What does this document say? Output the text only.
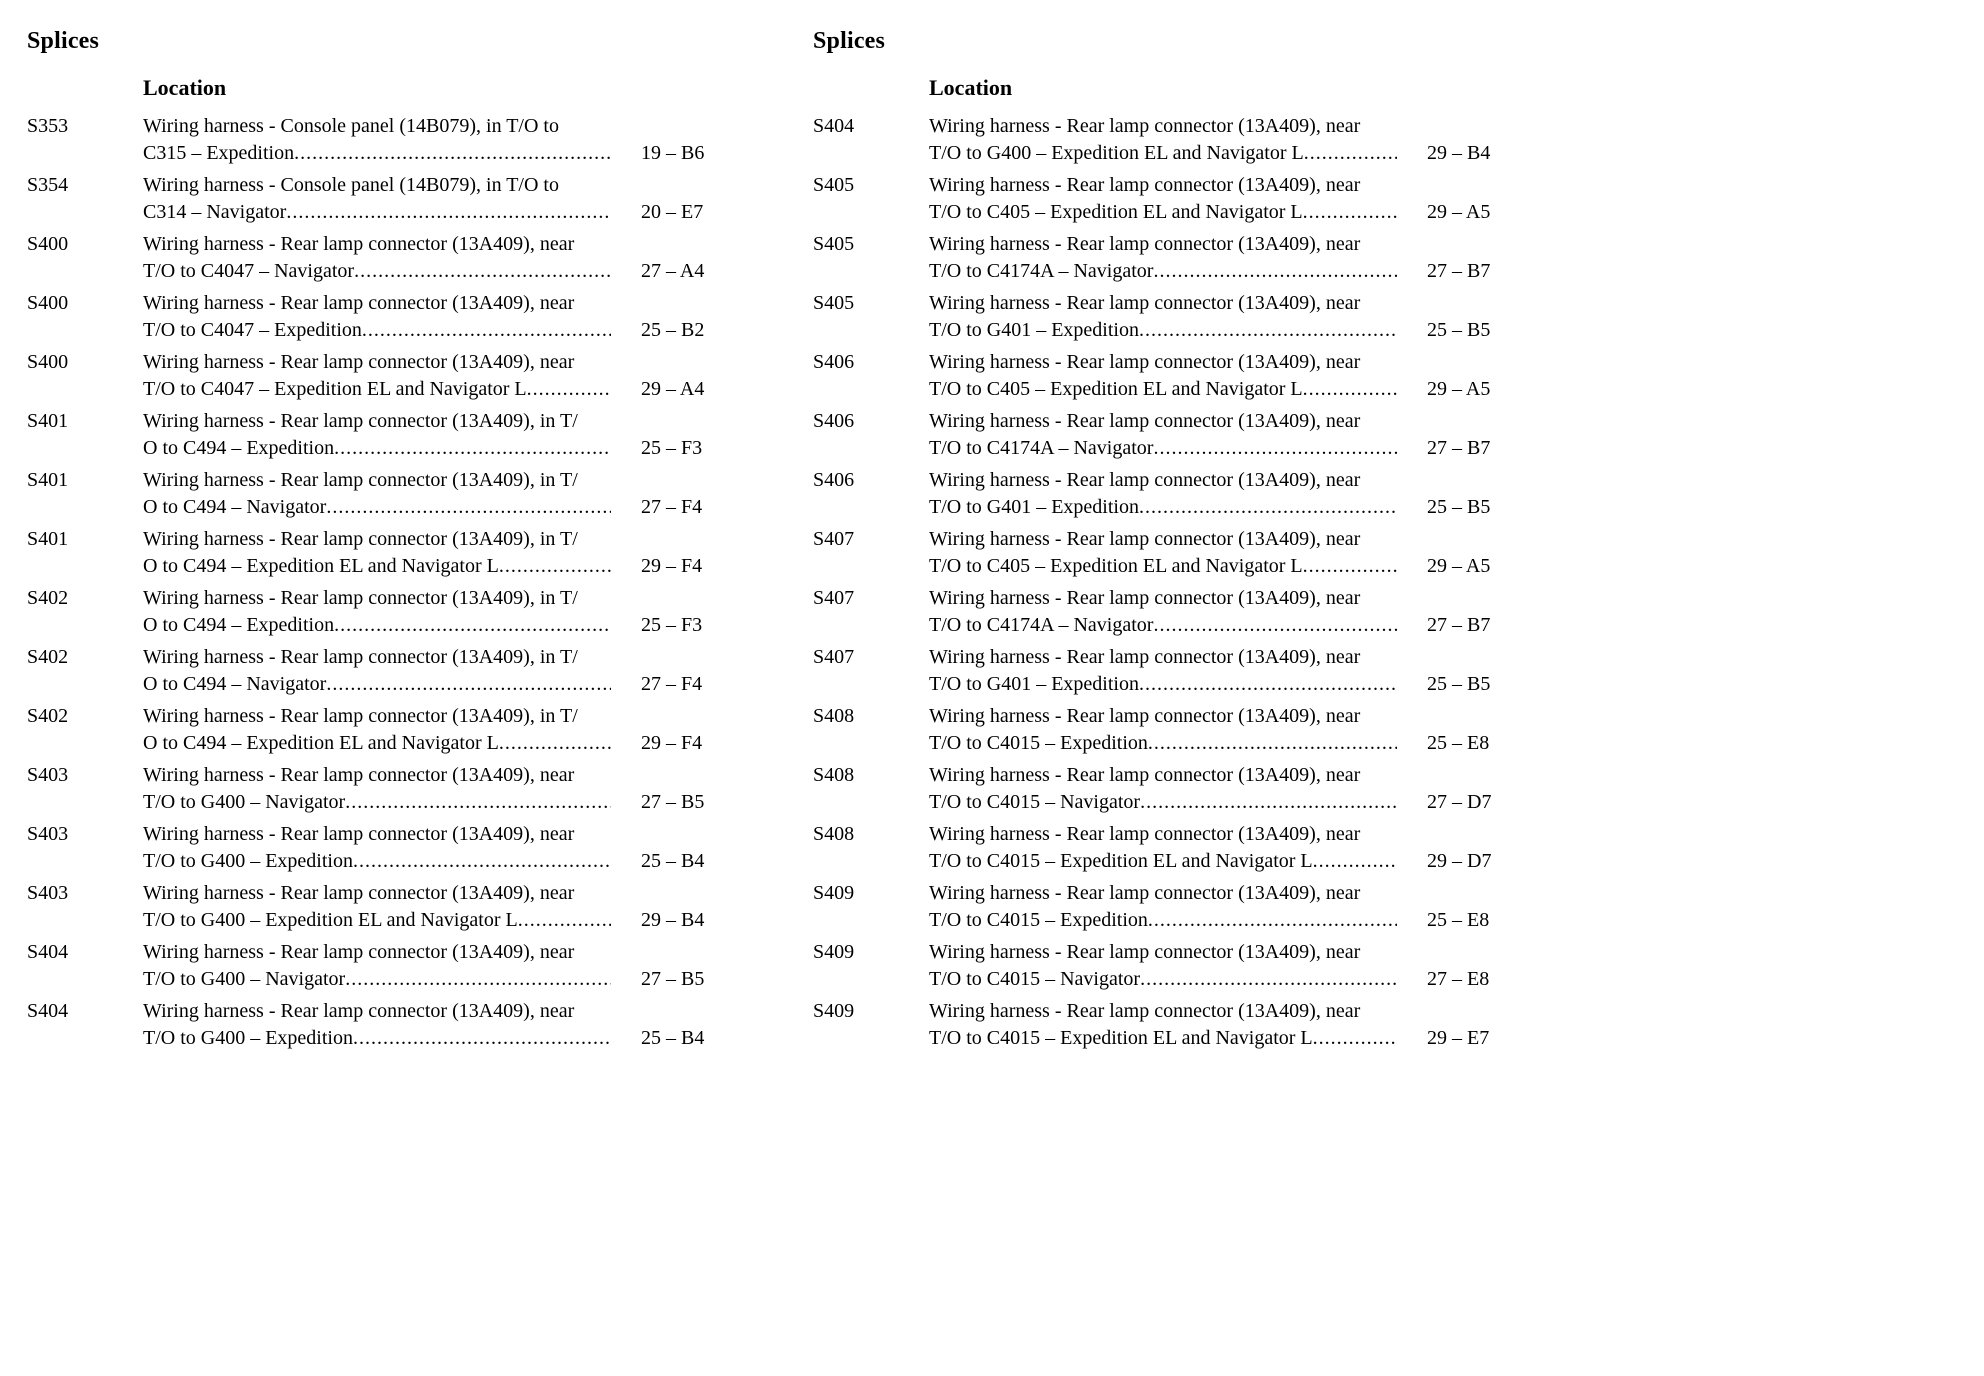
Splices
Location
S353	Wiring harness - Console panel (14B079), in T/O to
C315 – Expedition .....	19 – B6
S354	Wiring harness - Console panel (14B079), in T/O to
C314 – Navigator .....	20 – E7
S400	Wiring harness - Rear lamp connector (13A409), near
T/O to C4047 – Navigator .....	27 – A4
S400	Wiring harness - Rear lamp connector (13A409), near
T/O to C4047 – Expedition .....	25 – B2
S400	Wiring harness - Rear lamp connector (13A409), near
T/O to C4047 – Expedition EL and Navigator L .....	29 – A4
S401	Wiring harness - Rear lamp connector (13A409), in T/
O to C494 – Expedition .....	25 – F3
S401	Wiring harness - Rear lamp connector (13A409), in T/
O to C494 – Navigator .....	27 – F4
S401	Wiring harness - Rear lamp connector (13A409), in T/
O to C494 – Expedition EL and Navigator L .....	29 – F4
S402	Wiring harness - Rear lamp connector (13A409), in T/
O to C494 – Expedition .....	25 – F3
S402	Wiring harness - Rear lamp connector (13A409), in T/
O to C494 – Navigator .....	27 – F4
S402	Wiring harness - Rear lamp connector (13A409), in T/
O to C494 – Expedition EL and Navigator L .....	29 – F4
S403	Wiring harness - Rear lamp connector (13A409), near
T/O to G400 – Navigator .....	27 – B5
S403	Wiring harness - Rear lamp connector (13A409), near
T/O to G400 – Expedition .....	25 – B4
S403	Wiring harness - Rear lamp connector (13A409), near
T/O to G400 – Expedition EL and Navigator L .....	29 – B4
S404	Wiring harness - Rear lamp connector (13A409), near
T/O to G400 – Navigator .....	27 – B5
S404	Wiring harness - Rear lamp connector (13A409), near
T/O to G400 – Expedition .....	25 – B4
Splices
Location
S404	Wiring harness - Rear lamp connector (13A409), near
T/O to G400 – Expedition EL and Navigator L .....	29 – B4
S405	Wiring harness - Rear lamp connector (13A409), near
T/O to C405 – Expedition EL and Navigator L .....	29 – A5
S405	Wiring harness - Rear lamp connector (13A409), near
T/O to C4174A – Navigator .....	27 – B7
S405	Wiring harness - Rear lamp connector (13A409), near
T/O to G401 – Expedition .....	25 – B5
S406	Wiring harness - Rear lamp connector (13A409), near
T/O to C405 – Expedition EL and Navigator L .....	29 – A5
S406	Wiring harness - Rear lamp connector (13A409), near
T/O to C4174A – Navigator .....	27 – B7
S406	Wiring harness - Rear lamp connector (13A409), near
T/O to G401 – Expedition .....	25 – B5
S407	Wiring harness - Rear lamp connector (13A409), near
T/O to C405 – Expedition EL and Navigator L .....	29 – A5
S407	Wiring harness - Rear lamp connector (13A409), near
T/O to C4174A – Navigator .....	27 – B7
S407	Wiring harness - Rear lamp connector (13A409), near
T/O to G401 – Expedition .....	25 – B5
S408	Wiring harness - Rear lamp connector (13A409), near
T/O to C4015 – Expedition .....	25 – E8
S408	Wiring harness - Rear lamp connector (13A409), near
T/O to C4015 – Navigator .....	27 – D7
S408	Wiring harness - Rear lamp connector (13A409), near
T/O to C4015 – Expedition EL and Navigator L .....	29 – D7
S409	Wiring harness - Rear lamp connector (13A409), near
T/O to C4015 – Expedition .....	25 – E8
S409	Wiring harness - Rear lamp connector (13A409), near
T/O to C4015 – Navigator .....	27 – E8
S409	Wiring harness - Rear lamp connector (13A409), near
T/O to C4015 – Expedition EL and Navigator L .....	29 – E7
